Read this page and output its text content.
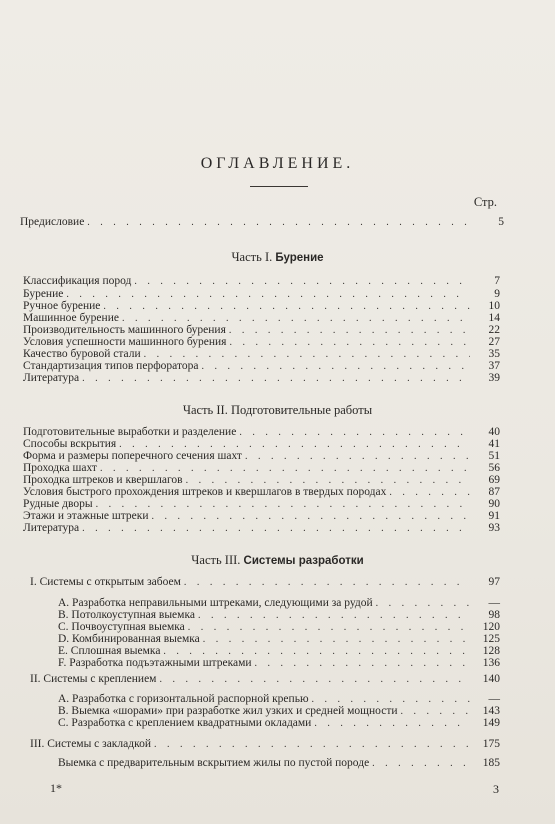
ОГЛАВЛЕНИЕ.
Стр.
Предисловие . . .	5
Часть I. Бурение
Классификация пород . . .	7
Бурение . . .	9
Ручное бурение . . .	10
Машинное бурение . . .	14
Производительность машинного бурения . . .	22
Условия успешности машинного бурения . . .	27
Качество буровой стали . . .	35
Стандартизация типов перфоратора . . .	37
Литература . . .	39
Часть II. Подготовительные работы
Подготовительные выработки и разделение . . .	40
Способы вскрытия . . .	41
Форма и размеры поперечного сечения шахт . . .	51
Проходка шахт . . .	56
Проходка штреков и квершлагов . . .	69
Условия быстрого прохождения штреков и квершлагов в твердых породах . . .	87
Рудные дворы . . .	90
Этажи и этажные штреки . . .	91
Литература . . .	93
Часть III. Системы разработки
I. Системы с открытым забоем . . .	97
A. Разработка неправильными штреками, следующими за рудой . . .	—
B. Потолкоуступная выемка . . .	98
C. Почвоуступная выемка . . .	120
D. Комбинированная выемка . . .	125
E. Сплошная выемка . . .	128
F. Разработка подъэтажными штреками . . .	136
II. Системы с креплением . . .	140
A. Разработка с горизонтальной распорной крепью . . .	—
B. Выемка «шорами» при разработке жил узких и средней мощности . . .	143
C. Разработка с креплением квадратными окладами . . .	149
III. Системы с закладкой . . .	175
Выемка с предварительным вскрытием жилы по пустой породе . . .	185
1*	3
